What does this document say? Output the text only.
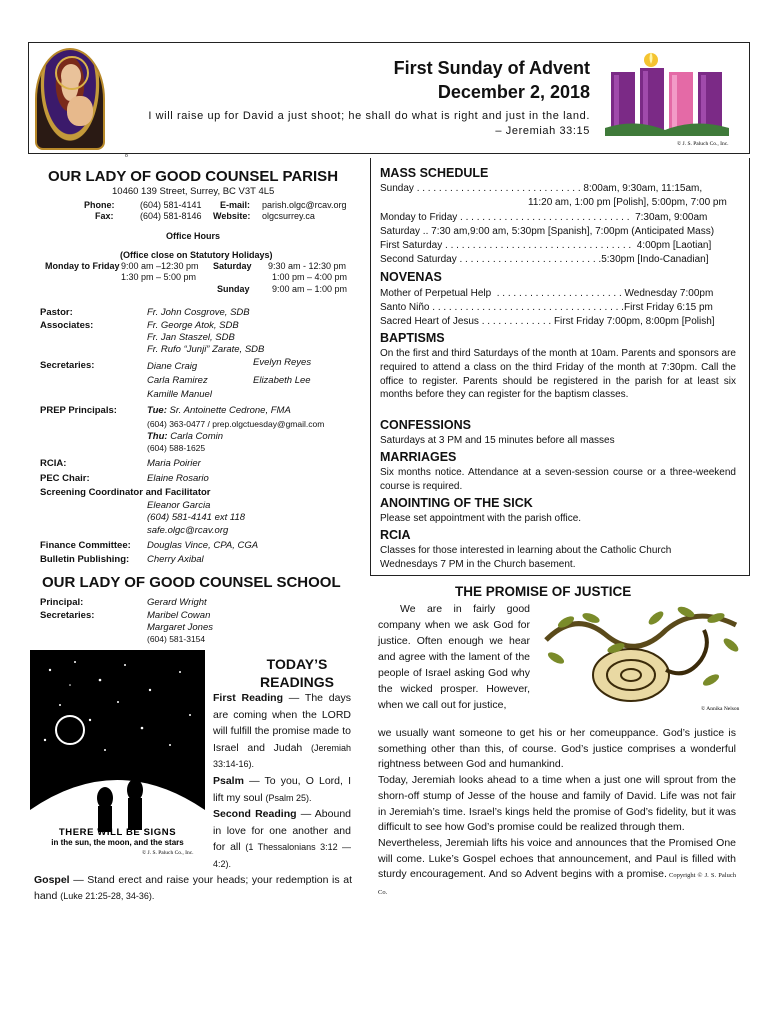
First Sunday of Advent
December 2, 2018
I will raise up for David a just shoot; he shall do what is right and just in the land.
– Jeremiah 33:15
© J. S. Paluch Co., Inc.
o
OUR LADY OF GOOD COUNSEL PARISH
10460 139 Street, Surrey, BC V3T 4L5
Phone:	(604) 581-4141 E-mail: parish.olgc@rcav.org
Fax:	(604) 581-8146 Website: olgcsurrey.ca
Office Hours
(Office close on Statutory Holidays)
Monday to Friday 9:00 am –12:30 pm
1:30 pm – 5:00 pm
Saturday 9:30 am - 12:30 pm
1:00 pm – 4:00 pm
Sunday 9:00 am – 1:00 pm
Pastor:	Fr. John Cosgrove, SDB
Associates:	Fr. George Atok, SDB
Fr. Jan Staszel, SDB
Fr. Rufo “Junji” Zarate, SDB
Secretaries:	Diane Craig	Evelyn Reyes
Carla Ramirez	Elizabeth Lee
Kamille Manuel
PREP Principals:	Tue: Sr. Antoinette Cedrone, FMA
(604) 363-0477 / prep.olgctuesday@gmail.com
Thu: Carla Comin
(604) 588-1625
RCIA:	Maria Poirier
PEC Chair:	Elaine Rosario
Screening Coordinator and Facilitator
Eleanor Garcia
(604) 581-4141 ext 118
safe.olgc@rcav.org
Finance Committee: Douglas Vince, CPA, CGA
Bulletin Publishing: Cherry Axibal
OUR LADY OF GOOD COUNSEL SCHOOL
Principal:	Gerard Wright
Secretaries:	Maribel Cowan
Margaret Jones
(604) 581-3154
MASS SCHEDULE
Sunday . . . . . . . . . . . . . . . . . . . . . . . . . . . . . . 8:00am, 9:30am, 11:15am,
11:20 am, 1:00 pm [Polish], 5:00pm, 7:00 pm
Monday to Friday . . . . . . . . . . . . . . . . . . . . . . . . . . . . . . .  7:30am, 9:00am
Saturday .. 7:30 am,9:00 am, 5:30pm [Spanish], 7:00pm (Anticipated Mass)
First Saturday . . . . . . . . . . . . . . . . . . . . . . . . . . . . . . . . . .  4:00pm [Laotian]
Second Saturday . . . . . . . . . . . . . . . . . . . . . . . . . .5:30pm [Indo-Canadian]
NOVENAS
Mother of Perpetual Help  . . . . . . . . . . . . . . . . . . . . . . . Wednesday 7:00pm
Santo Niño . . . . . . . . . . . . . . . . . . . . . . . . . . . . . . . . . . .First Friday 6:15 pm
Sacred Heart of Jesus . . . . . . . . . . . . . First Friday 7:00pm, 8:00pm [Polish]
BAPTISMS
On the first and third Saturdays of the month at 10am. Parents and sponsors are required to attend a class on the third Friday of the month at 7:30pm. Call the office to register. Parents should be registered in the parish for at least six months before they can register for the baptism classes.
CONFESSIONS
Saturdays at 3 PM and 15 minutes before all masses
MARRIAGES
Six months notice. Attendance at a seven-session course or a three-weekend course is required.
ANOINTING OF THE SICK
Please set appointment with the parish office.
RCIA
Classes for those interested in learning about the Catholic Church
Wednesdays 7 PM in the Church basement.
THERE WILL BE SIGNS
in the sun, the moon, and the stars
© J. S. Paluch Co., Inc.
TODAY’S
READINGS
First Reading — The days are coming when the LORD will fulfill the promise made to Israel and Judah (Jeremiah 33:14-16).
Psalm — To you, O Lord, I lift my soul (Psalm 25).
Second Reading — Abound in love for one another and for all (1 Thessalonians 3:12 — 4:2).
Gospel — Stand erect and raise your heads; your redemption is at hand (Luke 21:25-28, 34-36).
THE PROMISE OF JUSTICE
© Annika Nelson
We are in fairly good company when we ask God for justice. Often enough we hear and agree with the lament of the people of Israel asking God why the wicked prosper. However, when we call out for justice,

we usually want someone to get his or her comeuppance. God’s justice is something other than this, of course. God’s justice comprises a wonderful rightness between God and humankind.

Today, Jeremiah looks ahead to a time when a just one will sprout from the shorn-off stump of Jesse of the house and family of David. Life was not fair in Jeremiah’s time. Israel’s kings held the promise of God’s fidelity, but it was difficult to see how God’s promise could be realized through them.

Nevertheless, Jeremiah lifts his voice and announces that the Promised One will come. Luke’s Gospel echoes that announcement, and Paul is filled with sturdy encouragement. And so Advent begins with a promise. Copyright © J. S. Paluch Co.
